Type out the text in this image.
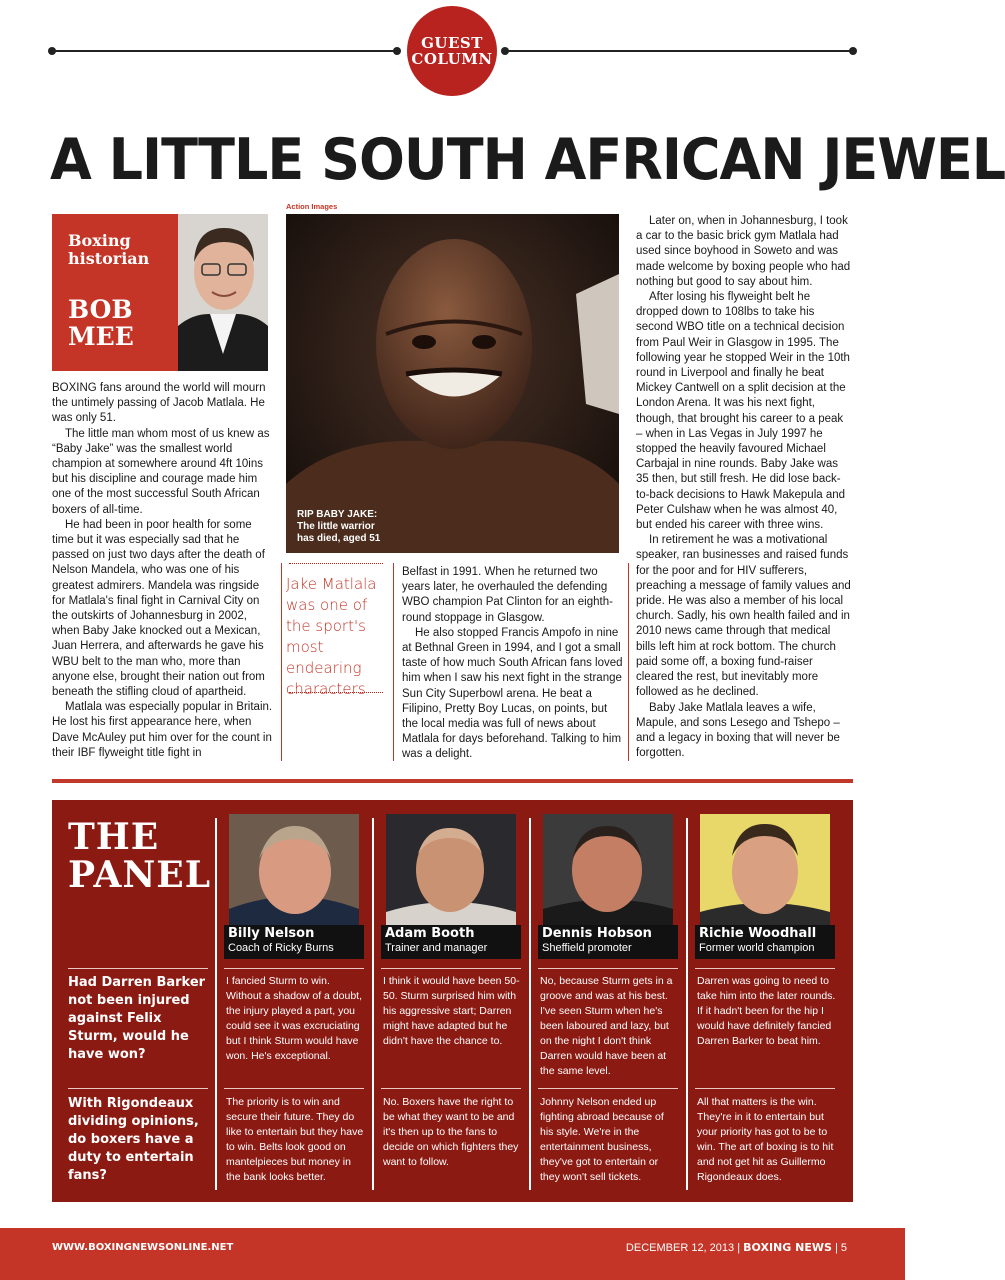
GUEST
COLUMN
A LITTLE SOUTH AFRICAN JEWEL
Boxing
historian
BOB
MEE

BOXING fans around the world will mourn the untimely passing of Jacob Matlala. He was only 51.

The little man whom most of us knew as “Baby Jake” was the smallest world champion at somewhere around 4ft 10ins but his discipline and courage made him one of the most successful South African boxers of all-time.

He had been in poor health for some time but it was especially sad that he passed on just two days after the death of Nelson Mandela, who was one of his greatest admirers. Mandela was ringside for Matlala's final fight in Carnival City on the outskirts of Johannesburg in 2002, when Baby Jake knocked out a Mexican, Juan Herrera, and afterwards he gave his WBU belt to the man who, more than anyone else, brought their nation out from beneath the stifling cloud of apartheid.

Matlala was especially popular in Britain. He lost his first appearance here, when Dave McAuley put him over for the count in their IBF flyweight title fight in

Action Images
RIP BABY JAKE:
The little warrior
has died, aged 51
Jake Matlala was one of the sport's most endearing characters

Belfast in 1991. When he returned two years later, he overhauled the defending WBO champion Pat Clinton for an eighth-round stoppage in Glasgow.

He also stopped Francis Ampofo in nine at Bethnal Green in 1994, and I got a small taste of how much South African fans loved him when I saw his next fight in the strange Sun City Superbowl arena. He beat a Filipino, Pretty Boy Lucas, on points, but the local media was full of news about Matlala for days beforehand. Talking to him was a delight.

Later on, when in Johannesburg, I took a car to the basic brick gym Matlala had used since boyhood in Soweto and was made welcome by boxing people who had nothing but good to say about him.

After losing his flyweight belt he dropped down to 108lbs to take his second WBO title on a technical decision from Paul Weir in Glasgow in 1995. The following year he stopped Weir in the 10th round in Liverpool and finally he beat Mickey Cantwell on a split decision at the London Arena. It was his next fight, though, that brought his career to a peak – when in Las Vegas in July 1997 he stopped the heavily favoured Michael Carbajal in nine rounds. Baby Jake was 35 then, but still fresh. He did lose back-to-back decisions to Hawk Makepula and Peter Culshaw when he was almost 40, but ended his career with three wins.

In retirement he was a motivational speaker, ran businesses and raised funds for the poor and for HIV sufferers, preaching a message of family values and pride. He was also a member of his local church. Sadly, his own health failed and in 2010 news came through that medical bills left him at rock bottom. The church paid some off, a boxing fund-raiser cleared the rest, but inevitably more followed as he declined.

Baby Jake Matlala leaves a wife, Mapule, and sons Lesego and Tshepo – and a legacy in boxing that will never be forgotten.

THE
PANEL
Billy Nelson
Coach of Ricky Burns
Adam Booth
Trainer and manager
Dennis Hobson
Sheffield promoter
Richie Woodhall
Former world champion
Had Darren Barker not been injured against Felix Sturm, would he have won?
With Rigondeaux dividing opinions, do boxers have a duty to entertain fans?
I fancied Sturm to win. Without a shadow of a doubt, the injury played a part, you could see it was excruciating but I think Sturm would have won. He's exceptional.
I think it would have been 50-50. Sturm surprised him with his aggressive start; Darren might have adapted but he didn't have the chance to.
No, because Sturm gets in a groove and was at his best. I've seen Sturm when he's been laboured and lazy, but on the night I don't think Darren would have been at the same level.
Darren was going to need to take him into the later rounds. If it hadn't been for the hip I would have definitely fancied Darren Barker to beat him.
The priority is to win and secure their future. They do like to entertain but they have to win. Belts look good on mantelpieces but money in the bank looks better.
No. Boxers have the right to be what they want to be and it's then up to the fans to decide on which fighters they want to follow.
Johnny Nelson ended up fighting abroad because of his style. We're in the entertainment business, they've got to entertain or they won't sell tickets.
All that matters is the win. They're in it to entertain but your priority has got to be to win. The art of boxing is to hit and not get hit as Guillermo Rigondeaux does.
WWW.BOXINGNEWSONLINE.NET	DECEMBER 12, 2013 | BOXING NEWS | 5
